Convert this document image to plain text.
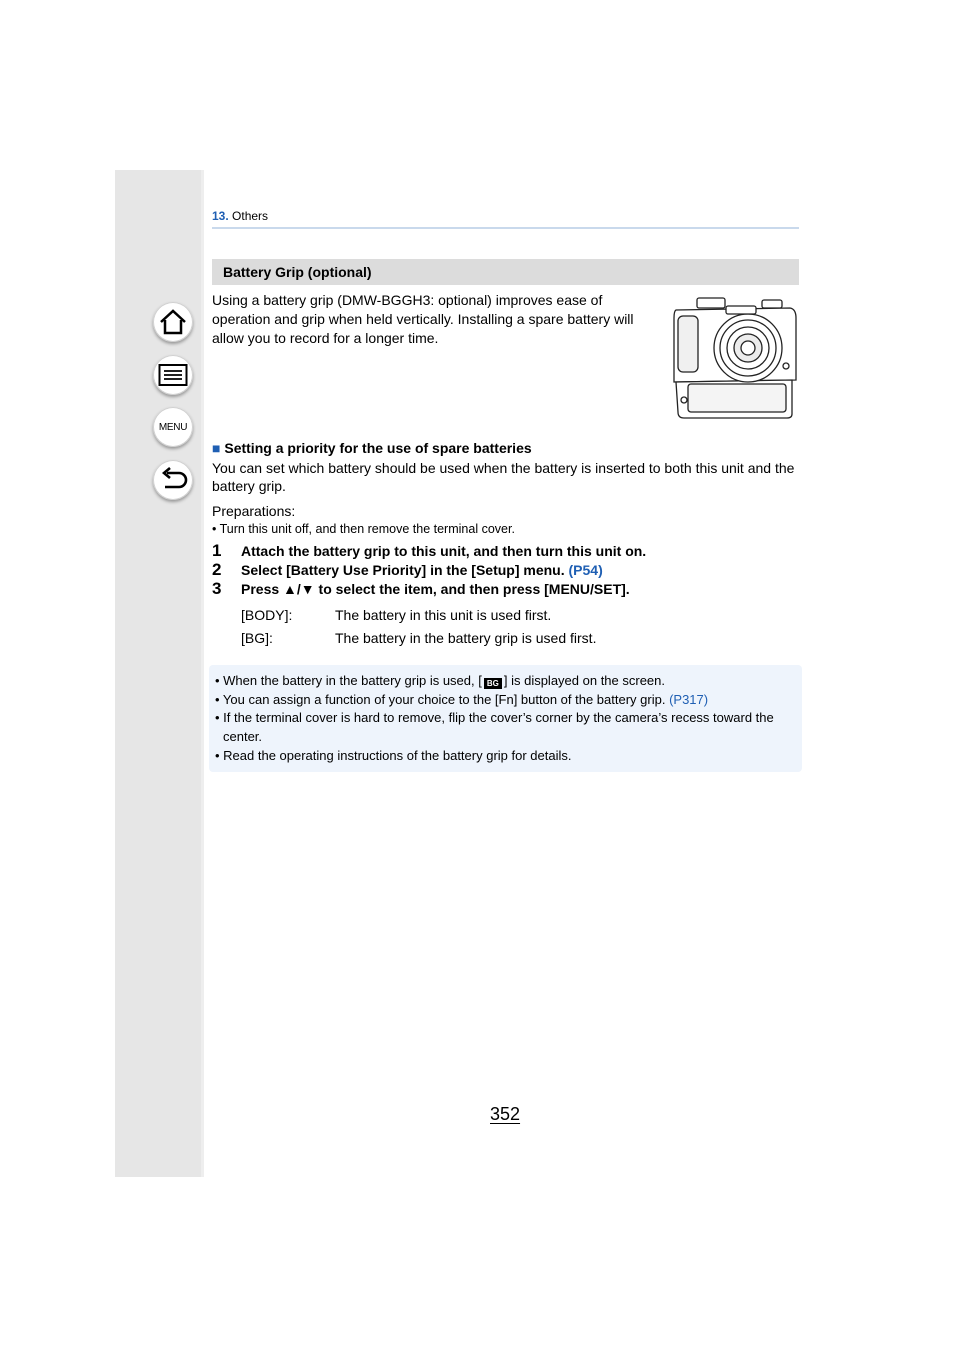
MENU
13. Others
Battery Grip (optional)
Using a battery grip (DMW-BGGH3: optional) improves ease of operation and grip when held vertically. Installing a spare battery will allow you to record for a longer time.
■ Setting a priority for the use of spare batteries
You can set which battery should be used when the battery is inserted to both this unit and the battery grip.
Preparations:
• Turn this unit off, and then remove the terminal cover.
1 Attach the battery grip to this unit, and then turn this unit on.
2 Select [Battery Use Priority] in the [Setup] menu. (P54)
3 Press ▲/▼ to select the item, and then press [MENU/SET].
[BODY]:	The battery in this unit is used first.
[BG]:	The battery in the battery grip is used first.
• When the battery in the battery grip is used, [ BG ] is displayed on the screen.
• You can assign a function of your choice to the [Fn] button of the battery grip. (P317)
• If the terminal cover is hard to remove, flip the cover’s corner by the camera’s recess toward the center.
• Read the operating instructions of the battery grip for details.
352
